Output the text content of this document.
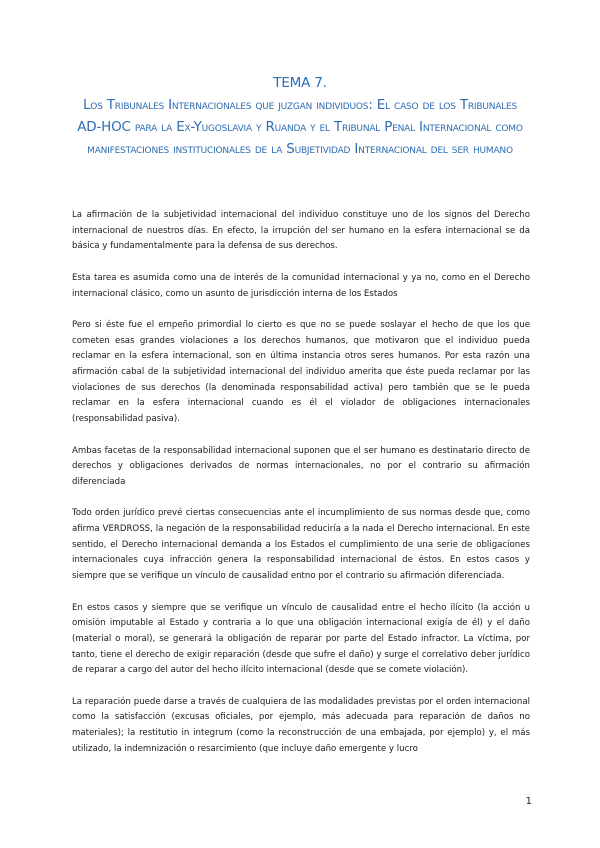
TEMA 7.
Los Tribunales Internacionales que juzgan individuos: El caso de los Tribunales
AD-HOC para la Ex-Yugoslavia y Ruanda y el Tribunal Penal Internacional como
manifestaciones institucionales de la Subjetividad Internacional del ser humano

La afirmación de la subjetividad internacional del individuo constituye uno de los signos del Derecho internacional de nuestros días. En efecto, la irrupción del ser humano en la esfera internacional se da básica y fundamentalmente para la defensa de sus derechos.

Esta tarea es asumida como una de interés de la comunidad internacional y ya no, como en el Derecho internacional clásico, como un asunto de jurisdicción interna de los Estados

Pero si éste fue el empeño primordial lo cierto es que no se puede soslayar el hecho de que los que cometen esas grandes violaciones a los derechos humanos, que motivaron que el individuo pueda reclamar en la esfera internacional, son en última instancia otros seres humanos. Por esta razón una afirmación cabal de la subjetividad internacional del individuo amerita que éste pueda reclamar por las violaciones de sus derechos (la denominada responsabilidad activa) pero también que se le pueda reclamar en la esfera internacional cuando es él el violador de obligaciones internacionales (responsabilidad pasiva).

Ambas facetas de la responsabilidad internacional suponen que el ser humano es destinatario directo de derechos y obligaciones derivados de normas internacionales, no por el contrario su afirmación diferenciada

Todo orden jurídico prevé ciertas consecuencias ante el incumplimiento de sus normas desde que, como afirma VERDROSS, la negación de la responsabilidad reduciría a la nada el Derecho internacional. En este sentido, el Derecho internacional demanda a los Estados el cumplimiento de una serie de obligaciones internacionales cuya infracción genera la responsabilidad internacional de éstos. En estos casos y siempre que se verifique un vínculo de causalidad entno por el contrario su afirmación diferenciada.

En estos casos y siempre que se verifique un vínculo de causalidad entre el hecho ilícito (la acción u omisión imputable al Estado y contraria a lo que una obligación internacional exigía de él) y el daño (material o moral), se generará la obligación de reparar por parte del Estado infractor. La víctima, por tanto, tiene el derecho de exigir reparación (desde que sufre el daño) y surge el correlativo deber jurídico de reparar a cargo del autor del hecho ilícito internacional (desde que se comete violación).

La reparación puede darse a través de cualquiera de las modalidades previstas por el orden internacional como la satisfacción (excusas oficiales, por ejemplo, más adecuada para reparación de daños no materiales); la restitutio in integrum (como la reconstrucción de una embajada, por ejemplo) y, el más utilizado, la indemnización o resarcimiento (que incluye daño emergente y lucro

1
